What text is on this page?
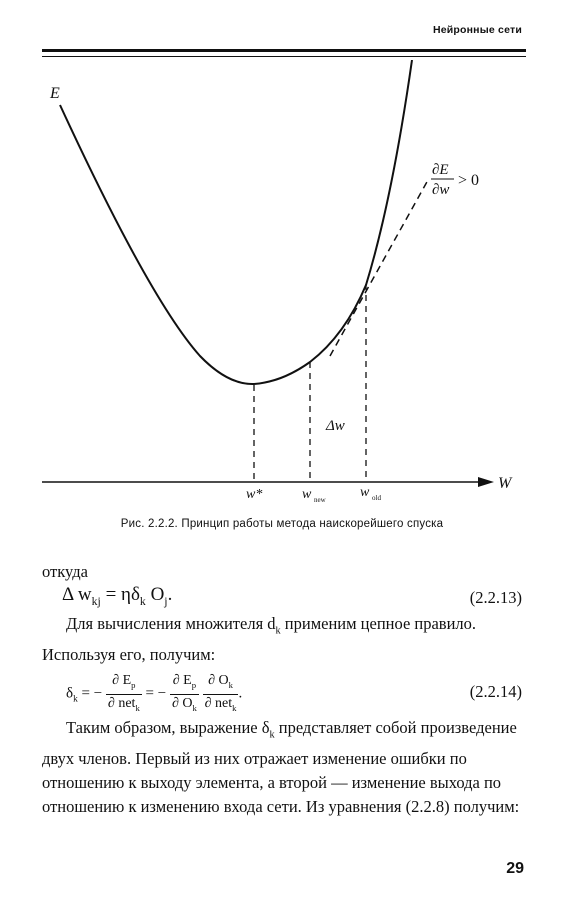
Нейронные сети
E
W
w*	w new w old
Δw
∂E
∂w
> 0
Рис. 2.2.2. Принцип работы метода наискорейшего спуска
откуда
Δ $w_{kj} = \eta\delta_k$ $O_j$.	(2.2.13)
Для вычисления множителя $d_k$ применим цепное правило. Используя его, получим:
$\delta_k$ = − $\frac{\partial E_p}{\partial net_k}$ = − $\frac{\partial E_p}{\partial O_k}$
$\frac{\partial O_k}{\partial net_k}$ .	(2.2.14)
Таким образом, выражение $\delta_k$ представляет собой произведение двух членов. Первый из них отражает изменение ошибки по отношению к выходу элемента, а второй — изменение выхода по отношению к изменению входа сети. Из уравнения (2.2.8) получим:
29
